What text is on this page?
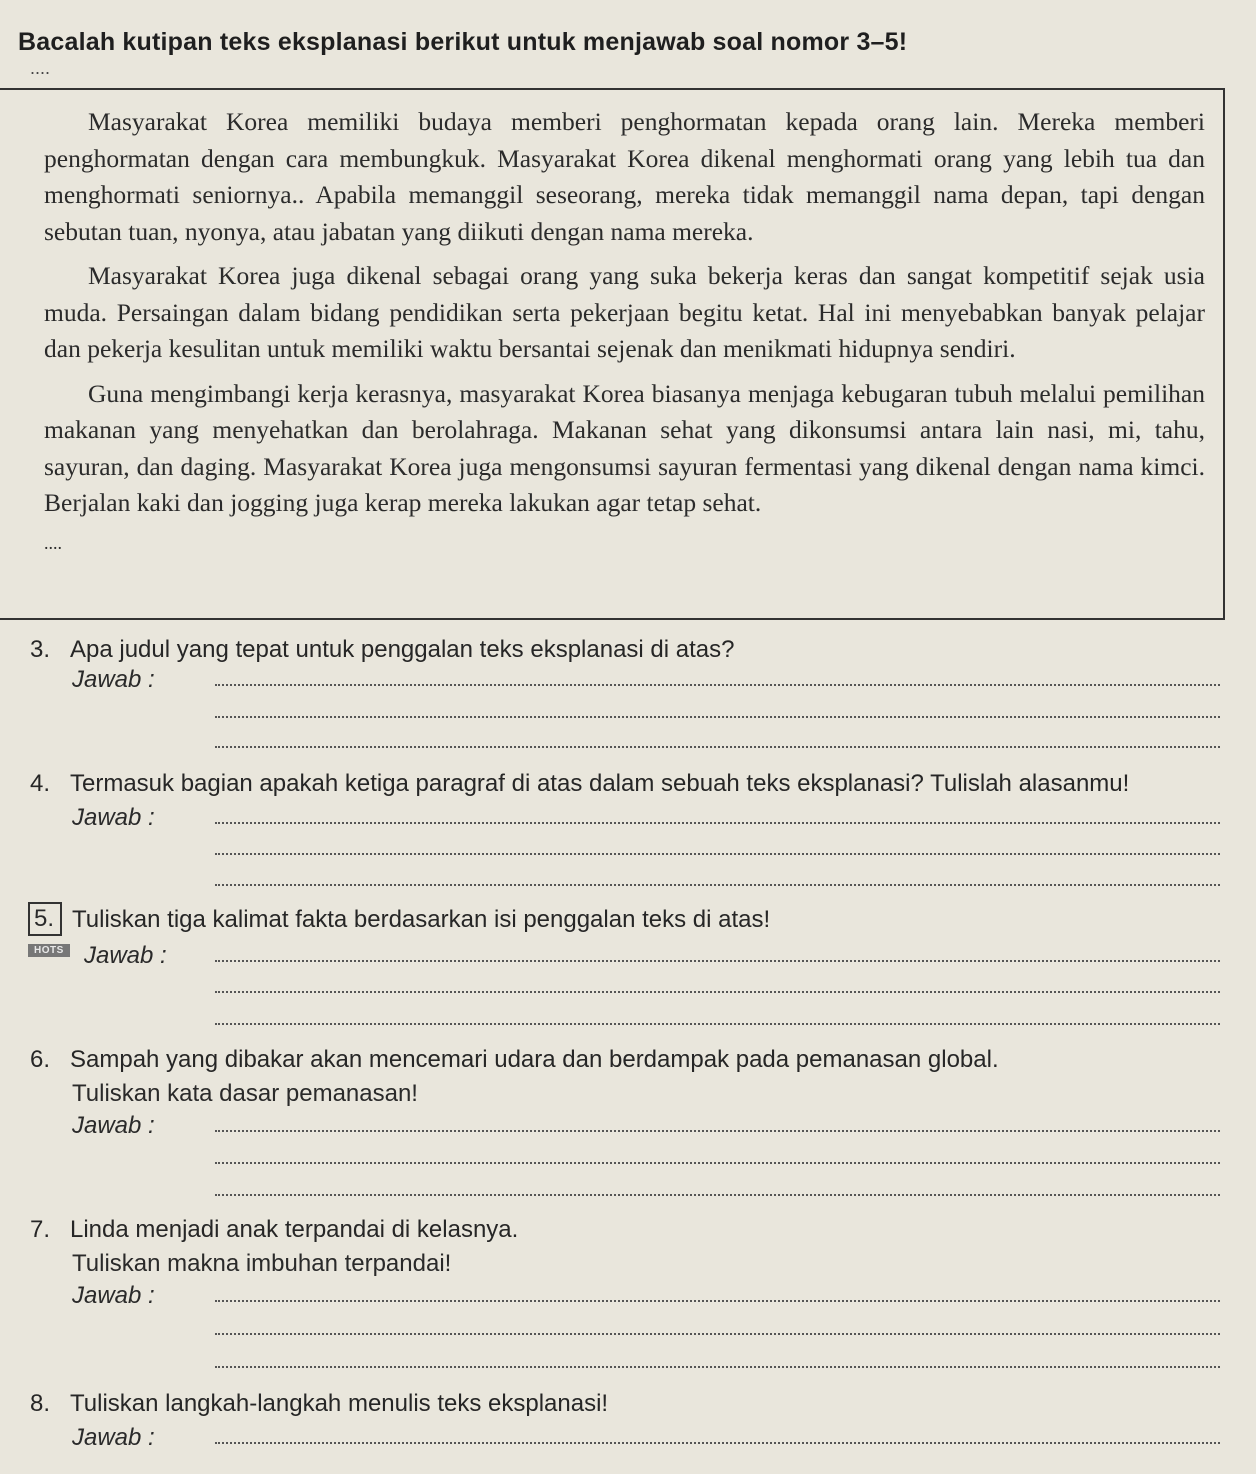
Bacalah kutipan teks eksplanasi berikut untuk menjawab soal nomor 3–5!
....

Masyarakat Korea memiliki budaya memberi penghormatan kepada orang lain. Mereka memberi penghormatan dengan cara membungkuk. Masyarakat Korea dikenal menghormati orang yang lebih tua dan menghormati seniornya.. Apabila memanggil seseorang, mereka tidak memanggil nama depan, tapi dengan sebutan tuan, nyonya, atau jabatan yang diikuti dengan nama mereka.

Masyarakat Korea juga dikenal sebagai orang yang suka bekerja keras dan sangat kompetitif sejak usia muda. Persaingan dalam bidang pendidikan serta pekerjaan begitu ketat. Hal ini menyebabkan banyak pelajar dan pekerja kesulitan untuk memiliki waktu bersantai sejenak dan menikmati hidupnya sendiri.

Guna mengimbangi kerja kerasnya, masyarakat Korea biasanya menjaga kebugaran tubuh melalui pemilihan makanan yang menyehatkan dan berolahraga. Makanan sehat yang dikonsumsi antara lain nasi, mi, tahu, sayuran, dan daging. Masyarakat Korea juga mengonsumsi sayuran fermentasi yang dikenal dengan nama kimci. Berjalan kaki dan jogging juga kerap mereka lakukan agar tetap sehat.

....

3. Apa judul yang tepat untuk penggalan teks eksplanasi di atas?
Jawab :
4. Termasuk bagian apakah ketiga paragraf di atas dalam sebuah teks eksplanasi? Tulislah alasanmu!
Jawab :
5. Tuliskan tiga kalimat fakta berdasarkan isi penggalan teks di atas!
HOTS Jawab :
6. Sampah yang dibakar akan mencemari udara dan berdampak pada pemanasan global.
Tuliskan kata dasar pemanasan!
Jawab :
7. Linda menjadi anak terpandai di kelasnya.
Tuliskan makna imbuhan terpandai!
Jawab :
8. Tuliskan langkah-langkah menulis teks eksplanasi!
Jawab :
